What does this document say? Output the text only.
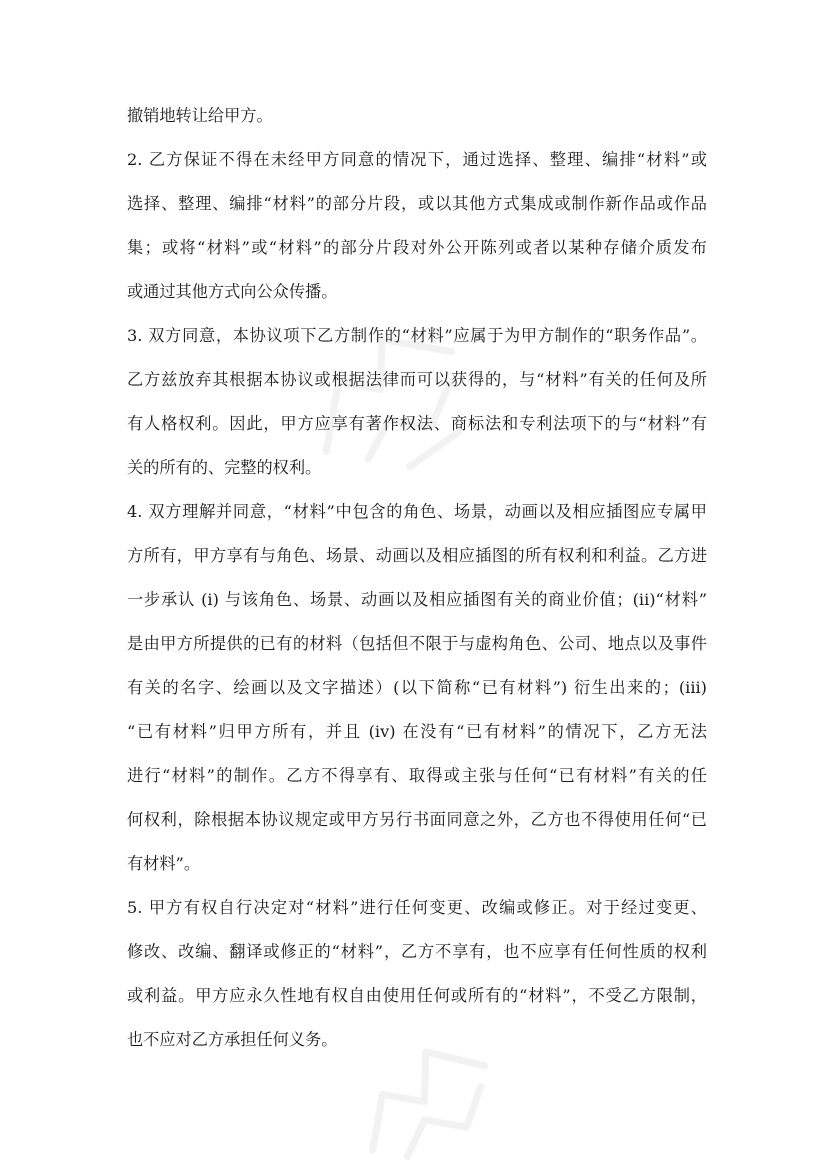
撤销地转让给甲方。
2. 乙方保证不得在未经甲方同意的情况下，通过选择、整理、编排“材料”或
选择、整理、编排“材料”的部分片段，或以其他方式集成或制作新作品或作品
集；或将“材料”或“材料”的部分片段对外公开陈列或者以某种存储介质发布
或通过其他方式向公众传播。
3. 双方同意，本协议项下乙方制作的“材料”应属于为甲方制作的“职务作品”。
乙方兹放弃其根据本协议或根据法律而可以获得的，与“材料”有关的任何及所
有人格权利。因此，甲方应享有著作权法、商标法和专利法项下的与“材料”有
关的所有的、完整的权利。
4. 双方理解并同意，“材料”中包含的角色、场景，动画以及相应插图应专属甲
方所有，甲方享有与角色、场景、动画以及相应插图的所有权利和利益。乙方进
一步承认 (i) 与该角色、场景、动画以及相应插图有关的商业价值；(ii)“材料”
是由甲方所提供的已有的材料（包括但不限于与虚构角色、公司、地点以及事件
有关的名字、绘画以及文字描述）(以下简称“已有材料”) 衍生出来的；(iii)
“已有材料”归甲方所有，并且 (iv) 在没有“已有材料”的情况下，乙方无法
进行“材料”的制作。乙方不得享有、取得或主张与任何“已有材料”有关的任
何权利，除根据本协议规定或甲方另行书面同意之外，乙方也不得使用任何“已
有材料”。
5. 甲方有权自行决定对“材料”进行任何变更、改编或修正。对于经过变更、
修改、改编、翻译或修正的“材料”，乙方不享有，也不应享有任何性质的权利
或利益。甲方应永久性地有权自由使用任何或所有的“材料”，不受乙方限制，
也不应对乙方承担任何义务。
